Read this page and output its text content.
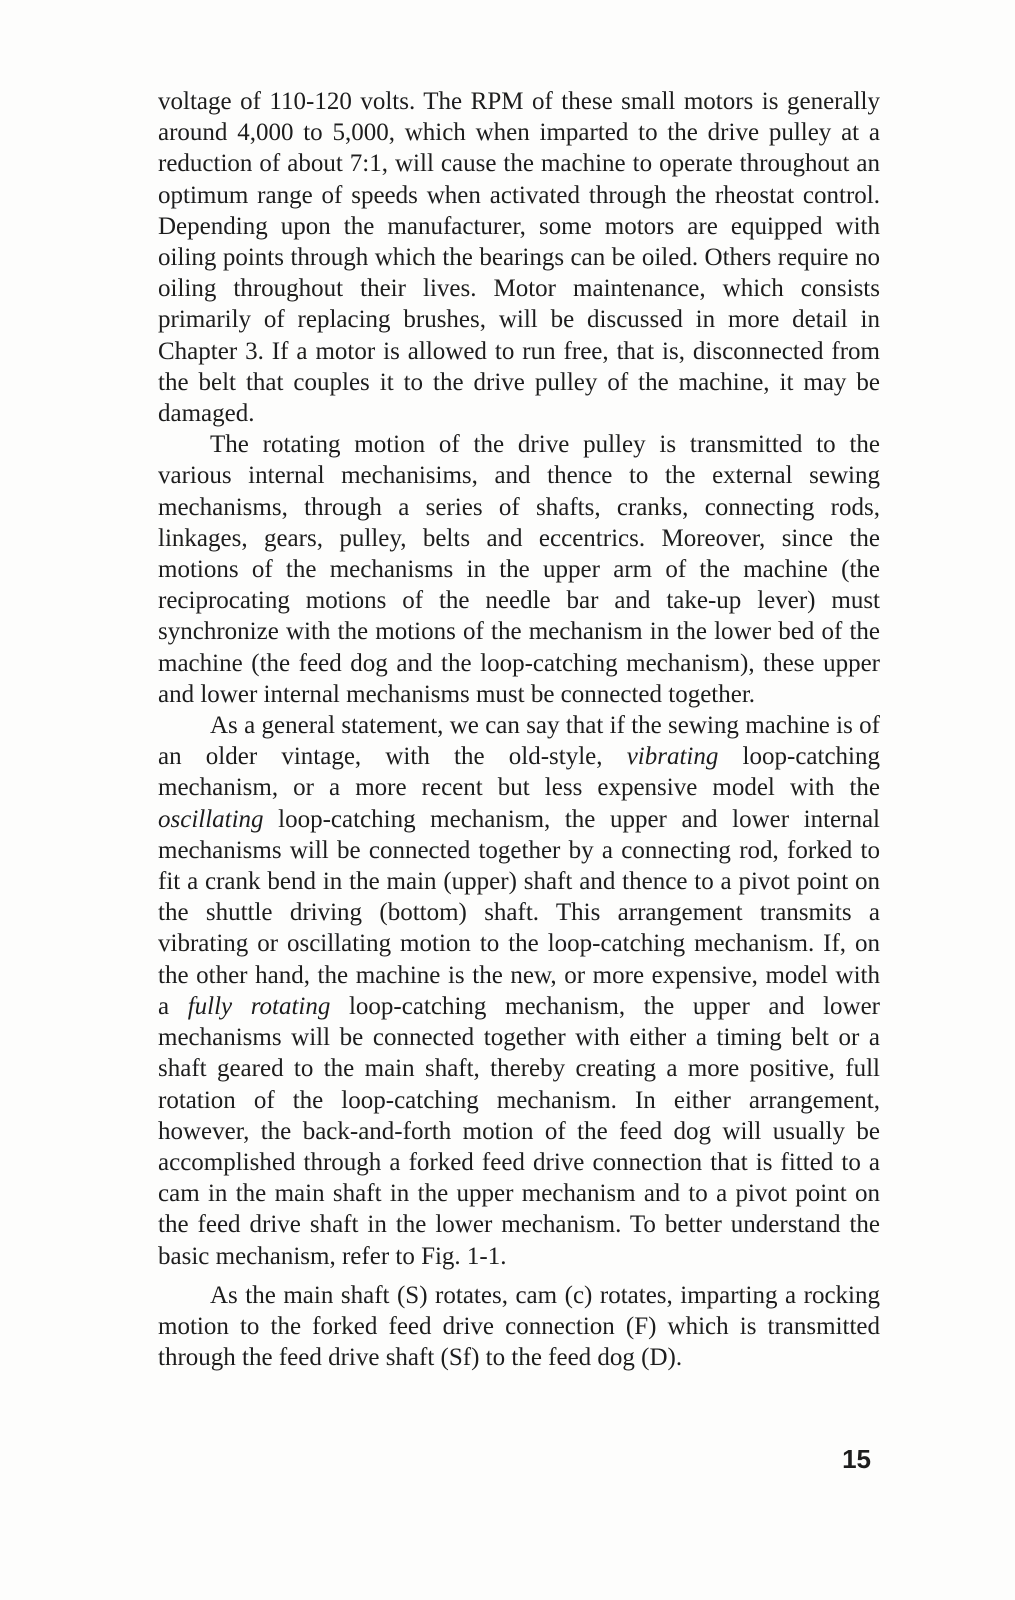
voltage of 110-120 volts. The RPM of these small motors is generally around 4,000 to 5,000, which when imparted to the drive pulley at a reduction of about 7:1, will cause the machine to operate throughout an optimum range of speeds when activated through the rheostat control. Depending upon the manufacturer, some motors are equipped with oiling points through which the bearings can be oiled. Others require no oiling throughout their lives. Motor maintenance, which consists primarily of replacing brushes, will be discussed in more detail in Chapter 3. If a motor is allowed to run free, that is, disconnected from the belt that couples it to the drive pulley of the machine, it may be damaged.

The rotating motion of the drive pulley is transmitted to the various internal mechanisims, and thence to the external sewing mechanisms, through a series of shafts, cranks, connecting rods, linkages, gears, pulley, belts and eccentrics. Moreover, since the motions of the mechanisms in the upper arm of the machine (the reciprocating motions of the needle bar and take-up lever) must synchronize with the motions of the mechanism in the lower bed of the machine (the feed dog and the loop-catching mechanism), these upper and lower internal mechanisms must be connected together.

As a general statement, we can say that if the sewing machine is of an older vintage, with the old-style, vibrating loop-catching mechanism, or a more recent but less expensive model with the oscillating loop-catching mechanism, the upper and lower internal mechanisms will be connected together by a connecting rod, forked to fit a crank bend in the main (upper) shaft and thence to a pivot point on the shuttle driving (bottom) shaft. This arrangement transmits a vibrating or oscillating motion to the loop-catching mechanism. If, on the other hand, the machine is the new, or more expensive, model with a fully rotating loop-catching mechanism, the upper and lower mechanisms will be connected together with either a timing belt or a shaft geared to the main shaft, thereby creating a more positive, full rotation of the loop-catching mechanism. In either arrangement, however, the back-and-forth motion of the feed dog will usually be accomplished through a forked feed drive connection that is fitted to a cam in the main shaft in the upper mechanism and to a pivot point on the feed drive shaft in the lower mechanism. To better understand the basic mechanism, refer to Fig. 1-1.

As the main shaft (S) rotates, cam (c) rotates, imparting a rocking motion to the forked feed drive connection (F) which is transmitted through the feed drive shaft (Sf) to the feed dog (D).

15
